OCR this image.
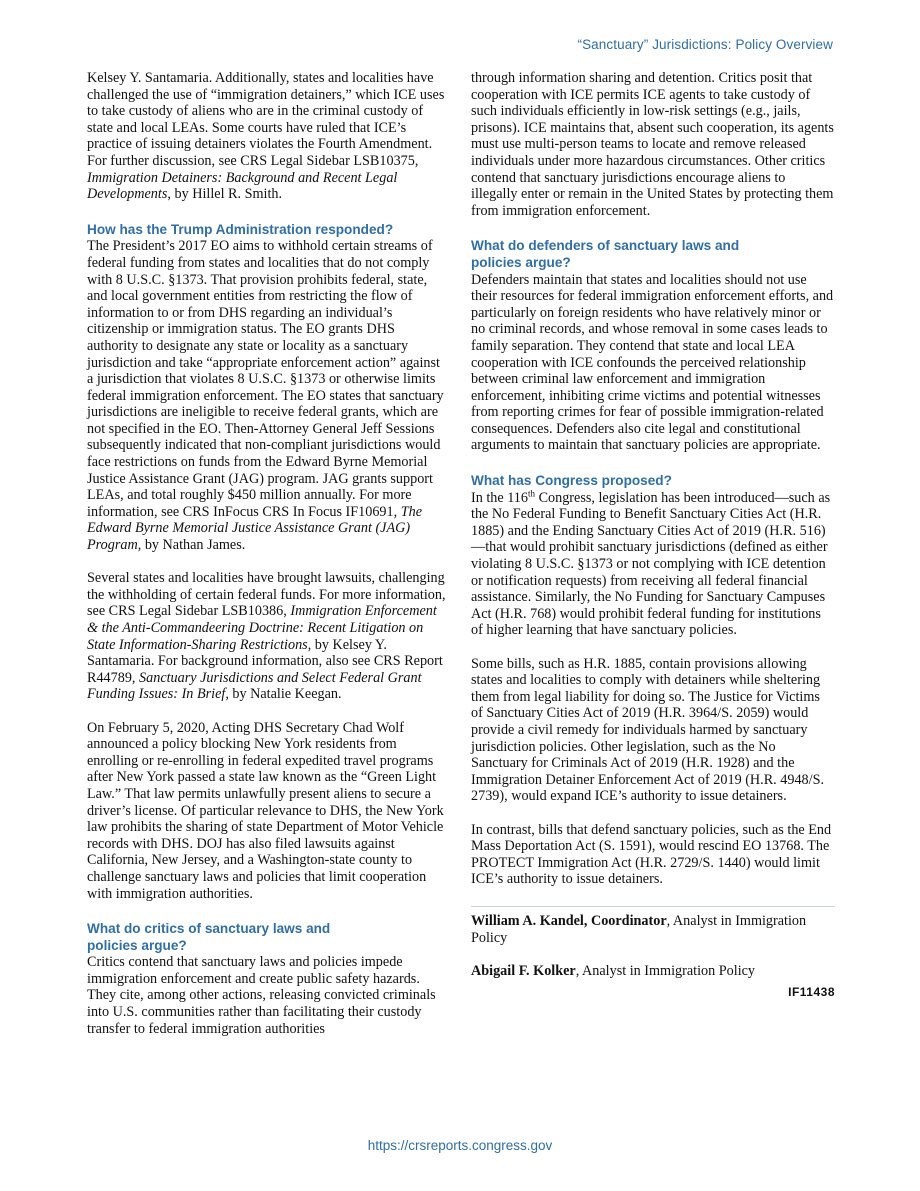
“Sanctuary” Jurisdictions: Policy Overview

Kelsey Y. Santamaria. Additionally, states and localities have challenged the use of “immigration detainers,” which ICE uses to take custody of aliens who are in the criminal custody of state and local LEAs. Some courts have ruled that ICE’s practice of issuing detainers violates the Fourth Amendment. For further discussion, see CRS Legal Sidebar LSB10375, Immigration Detainers: Background and Recent Legal Developments, by Hillel R. Smith.

How has the Trump Administration responded?

The President’s 2017 EO aims to withhold certain streams of federal funding from states and localities that do not comply with 8 U.S.C. §1373. That provision prohibits federal, state, and local government entities from restricting the flow of information to or from DHS regarding an individual’s citizenship or immigration status. The EO grants DHS authority to designate any state or locality as a sanctuary jurisdiction and take “appropriate enforcement action” against a jurisdiction that violates 8 U.S.C. §1373 or otherwise limits federal immigration enforcement. The EO states that sanctuary jurisdictions are ineligible to receive federal grants, which are not specified in the EO. Then-Attorney General Jeff Sessions subsequently indicated that non-compliant jurisdictions would face restrictions on funds from the Edward Byrne Memorial Justice Assistance Grant (JAG) program. JAG grants support LEAs, and total roughly $450 million annually. For more information, see CRS InFocus CRS In Focus IF10691, The Edward Byrne Memorial Justice Assistance Grant (JAG) Program, by Nathan James.

Several states and localities have brought lawsuits, challenging the withholding of certain federal funds. For more information, see CRS Legal Sidebar LSB10386, Immigration Enforcement & the Anti-Commandeering Doctrine: Recent Litigation on State Information-Sharing Restrictions, by Kelsey Y. Santamaria. For background information, also see CRS Report R44789, Sanctuary Jurisdictions and Select Federal Grant Funding Issues: In Brief, by Natalie Keegan.

On February 5, 2020, Acting DHS Secretary Chad Wolf announced a policy blocking New York residents from enrolling or re-enrolling in federal expedited travel programs after New York passed a state law known as the “Green Light Law.” That law permits unlawfully present aliens to secure a driver’s license. Of particular relevance to DHS, the New York law prohibits the sharing of state Department of Motor Vehicle records with DHS. DOJ has also filed lawsuits against California, New Jersey, and a Washington-state county to challenge sanctuary laws and policies that limit cooperation with immigration authorities.

What do critics of sanctuary laws and
policies argue?

Critics contend that sanctuary laws and policies impede immigration enforcement and create public safety hazards. They cite, among other actions, releasing convicted criminals into U.S. communities rather than facilitating their custody transfer to federal immigration authorities

through information sharing and detention. Critics posit that cooperation with ICE permits ICE agents to take custody of such individuals efficiently in low-risk settings (e.g., jails, prisons). ICE maintains that, absent such cooperation, its agents must use multi-person teams to locate and remove released individuals under more hazardous circumstances. Other critics contend that sanctuary jurisdictions encourage aliens to illegally enter or remain in the United States by protecting them from immigration enforcement.

What do defenders of sanctuary laws and
policies argue?

Defenders maintain that states and localities should not use their resources for federal immigration enforcement efforts, and particularly on foreign residents who have relatively minor or no criminal records, and whose removal in some cases leads to family separation. They contend that state and local LEA cooperation with ICE confounds the perceived relationship between criminal law enforcement and immigration enforcement, inhibiting crime victims and potential witnesses from reporting crimes for fear of possible immigration-related consequences. Defenders also cite legal and constitutional arguments to maintain that sanctuary policies are appropriate.

What has Congress proposed?

In the 116th Congress, legislation has been introduced—such as the No Federal Funding to Benefit Sanctuary Cities Act (H.R. 1885) and the Ending Sanctuary Cities Act of 2019 (H.R. 516)—that would prohibit sanctuary jurisdictions (defined as either violating 8 U.S.C. §1373 or not complying with ICE detention or notification requests) from receiving all federal financial assistance. Similarly, the No Funding for Sanctuary Campuses Act (H.R. 768) would prohibit federal funding for institutions of higher learning that have sanctuary policies.

Some bills, such as H.R. 1885, contain provisions allowing states and localities to comply with detainers while sheltering them from legal liability for doing so. The Justice for Victims of Sanctuary Cities Act of 2019 (H.R. 3964/S. 2059) would provide a civil remedy for individuals harmed by sanctuary jurisdiction policies. Other legislation, such as the No Sanctuary for Criminals Act of 2019 (H.R. 1928) and the Immigration Detainer Enforcement Act of 2019 (H.R. 4948/S. 2739), would expand ICE’s authority to issue detainers.

In contrast, bills that defend sanctuary policies, such as the End Mass Deportation Act (S. 1591), would rescind EO 13768. The PROTECT Immigration Act (H.R. 2729/S. 1440) would limit ICE’s authority to issue detainers.

William A. Kandel, Coordinator, Analyst in Immigration Policy

Abigail F. Kolker, Analyst in Immigration Policy

IF11438
https://crsreports.congress.gov
